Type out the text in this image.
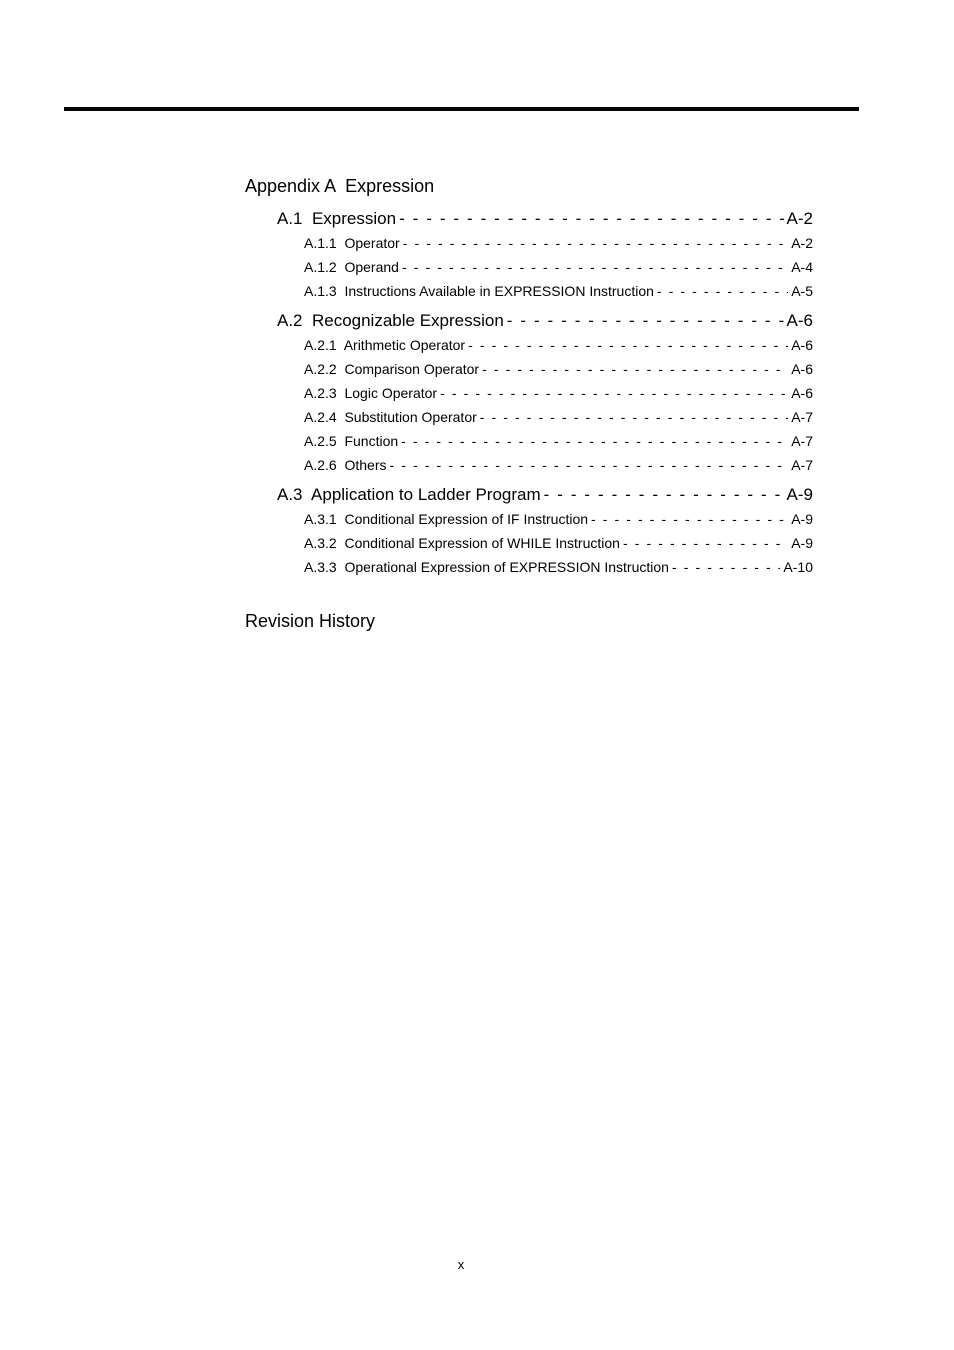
Appendix A  Expression
A.1  Expression - - -	A-2
A.1.1  Operator - - -	A-2
A.1.2  Operand - - -	A-4
A.1.3  Instructions Available in EXPRESSION Instruction - - -	A-5
A.2  Recognizable Expression - - -	A-6
A.2.1  Arithmetic Operator - - -	A-6
A.2.2  Comparison Operator - - -	A-6
A.2.3  Logic Operator - - -	A-6
A.2.4  Substitution Operator - - -	A-7
A.2.5  Function - - -	A-7
A.2.6  Others - - -	A-7
A.3  Application to Ladder Program - - -	A-9
A.3.1  Conditional Expression of IF Instruction - - -	A-9
A.3.2  Conditional Expression of WHILE Instruction - - -	A-9
A.3.3  Operational Expression of EXPRESSION Instruction - - -	A-10
Revision History
x
